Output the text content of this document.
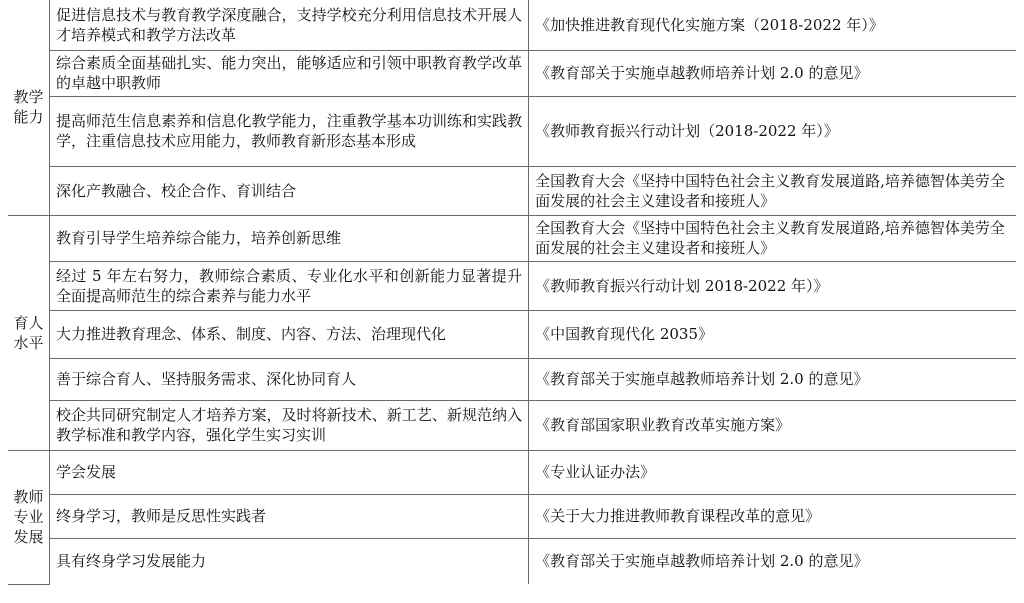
教学能力	促进信息技术与教育教学深度融合，支持学校充分利用信息技术开展人才培养模式和教学方法改革	《加快推进教育现代化实施方案（2018-2022 年）》
	综合素质全面基础扎实、能力突出，能够适应和引领中职教育教学改革的卓越中职教师	《教育部关于实施卓越教师培养计划 2.0 的意见》
	提高师范生信息素养和信息化教学能力，注重教学基本功训练和实践教学，注重信息技术应用能力，教师教育新形态基本形成	《教师教育振兴行动计划（2018-2022 年）》
	深化产教融合、校企合作、育训结合	全国教育大会《坚持中国特色社会主义教育发展道路,培养德智体美劳全面发展的社会主义建设者和接班人》

育人水平	教育引导学生培养综合能力，培养创新思维	全国教育大会《坚持中国特色社会主义教育发展道路,培养德智体美劳全面发展的社会主义建设者和接班人》
	经过 5 年左右努力，教师综合素质、专业化水平和创新能力显著提升全面提高师范生的综合素养与能力水平	《教师教育振兴行动计划 2018-2022 年）》
	大力推进教育理念、体系、制度、内容、方法、治理现代化	《中国教育现代化 2035》
	善于综合育人、坚持服务需求、深化协同育人	《教育部关于实施卓越教师培养计划 2.0 的意见》
	校企共同研究制定人才培养方案，及时将新技术、新工艺、新规范纳入教学标准和教学内容，强化学生实习实训	《教育部国家职业教育改革实施方案》

教师专业发展	学会发展	《专业认证办法》
	终身学习，教师是反思性实践者	《关于大力推进教师教育课程改革的意见》
	具有终身学习发展能力	《教育部关于实施卓越教师培养计划 2.0 的意见》
